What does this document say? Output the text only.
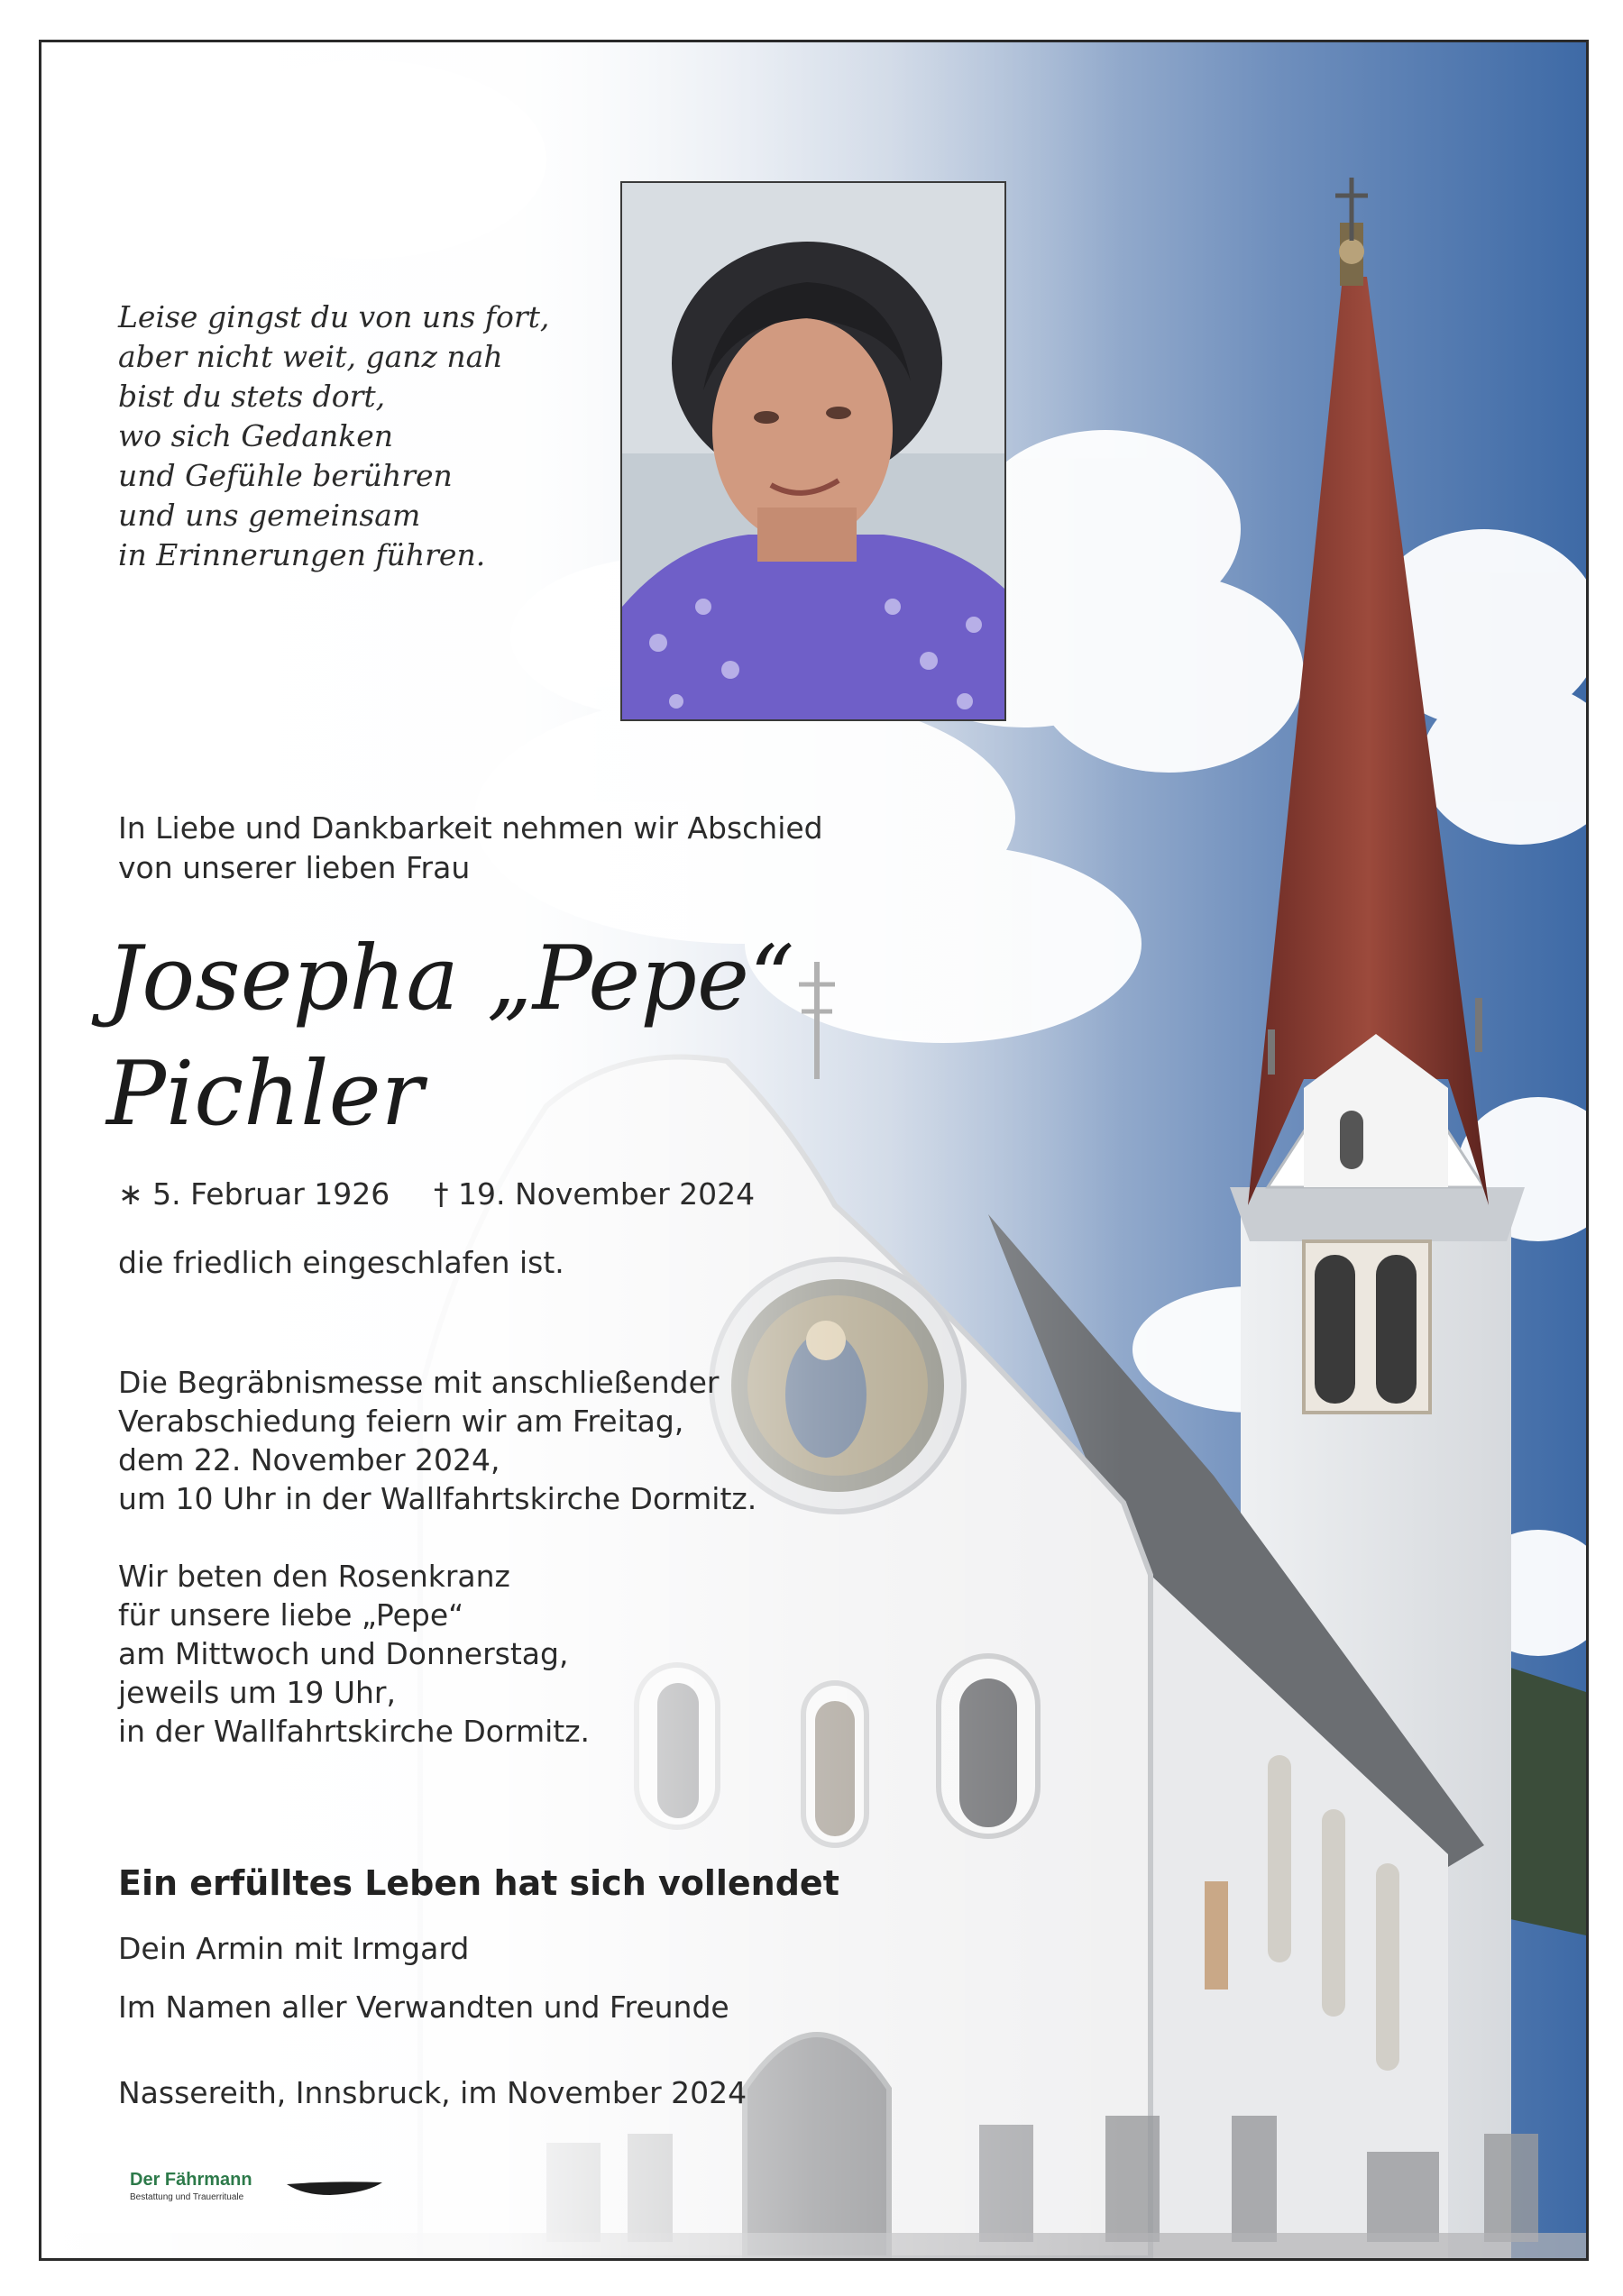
Leise gingst du von uns fort,
aber nicht weit, ganz nah
bist du stets dort,
wo sich Gedanken
und Gefühle berühren
und uns gemeinsam
in Erinnerungen führen.
In Liebe und Dankbarkeit nehmen wir Abschied
von unserer lieben Frau
Josepha „Pepe“
Pichler
∗ 5. Februar 1926 † 19. November 2024
die friedlich eingeschlafen ist.
Die Begräbnismesse mit anschließender
Verabschiedung feiern wir am Freitag,
dem 22. November 2024,
um 10 Uhr in der Wallfahrtskirche Dormitz.
Wir beten den Rosenkranz
für unsere liebe „Pepe“
am Mittwoch und Donnerstag,
jeweils um 19 Uhr,
in der Wallfahrtskirche Dormitz.
Ein erfülltes Leben hat sich vollendet
Dein Armin mit Irmgard
Im Namen aller Verwandten und Freunde
Nassereith, Innsbruck, im November 2024
Der Fährmann
Bestattung und Trauerrituale
